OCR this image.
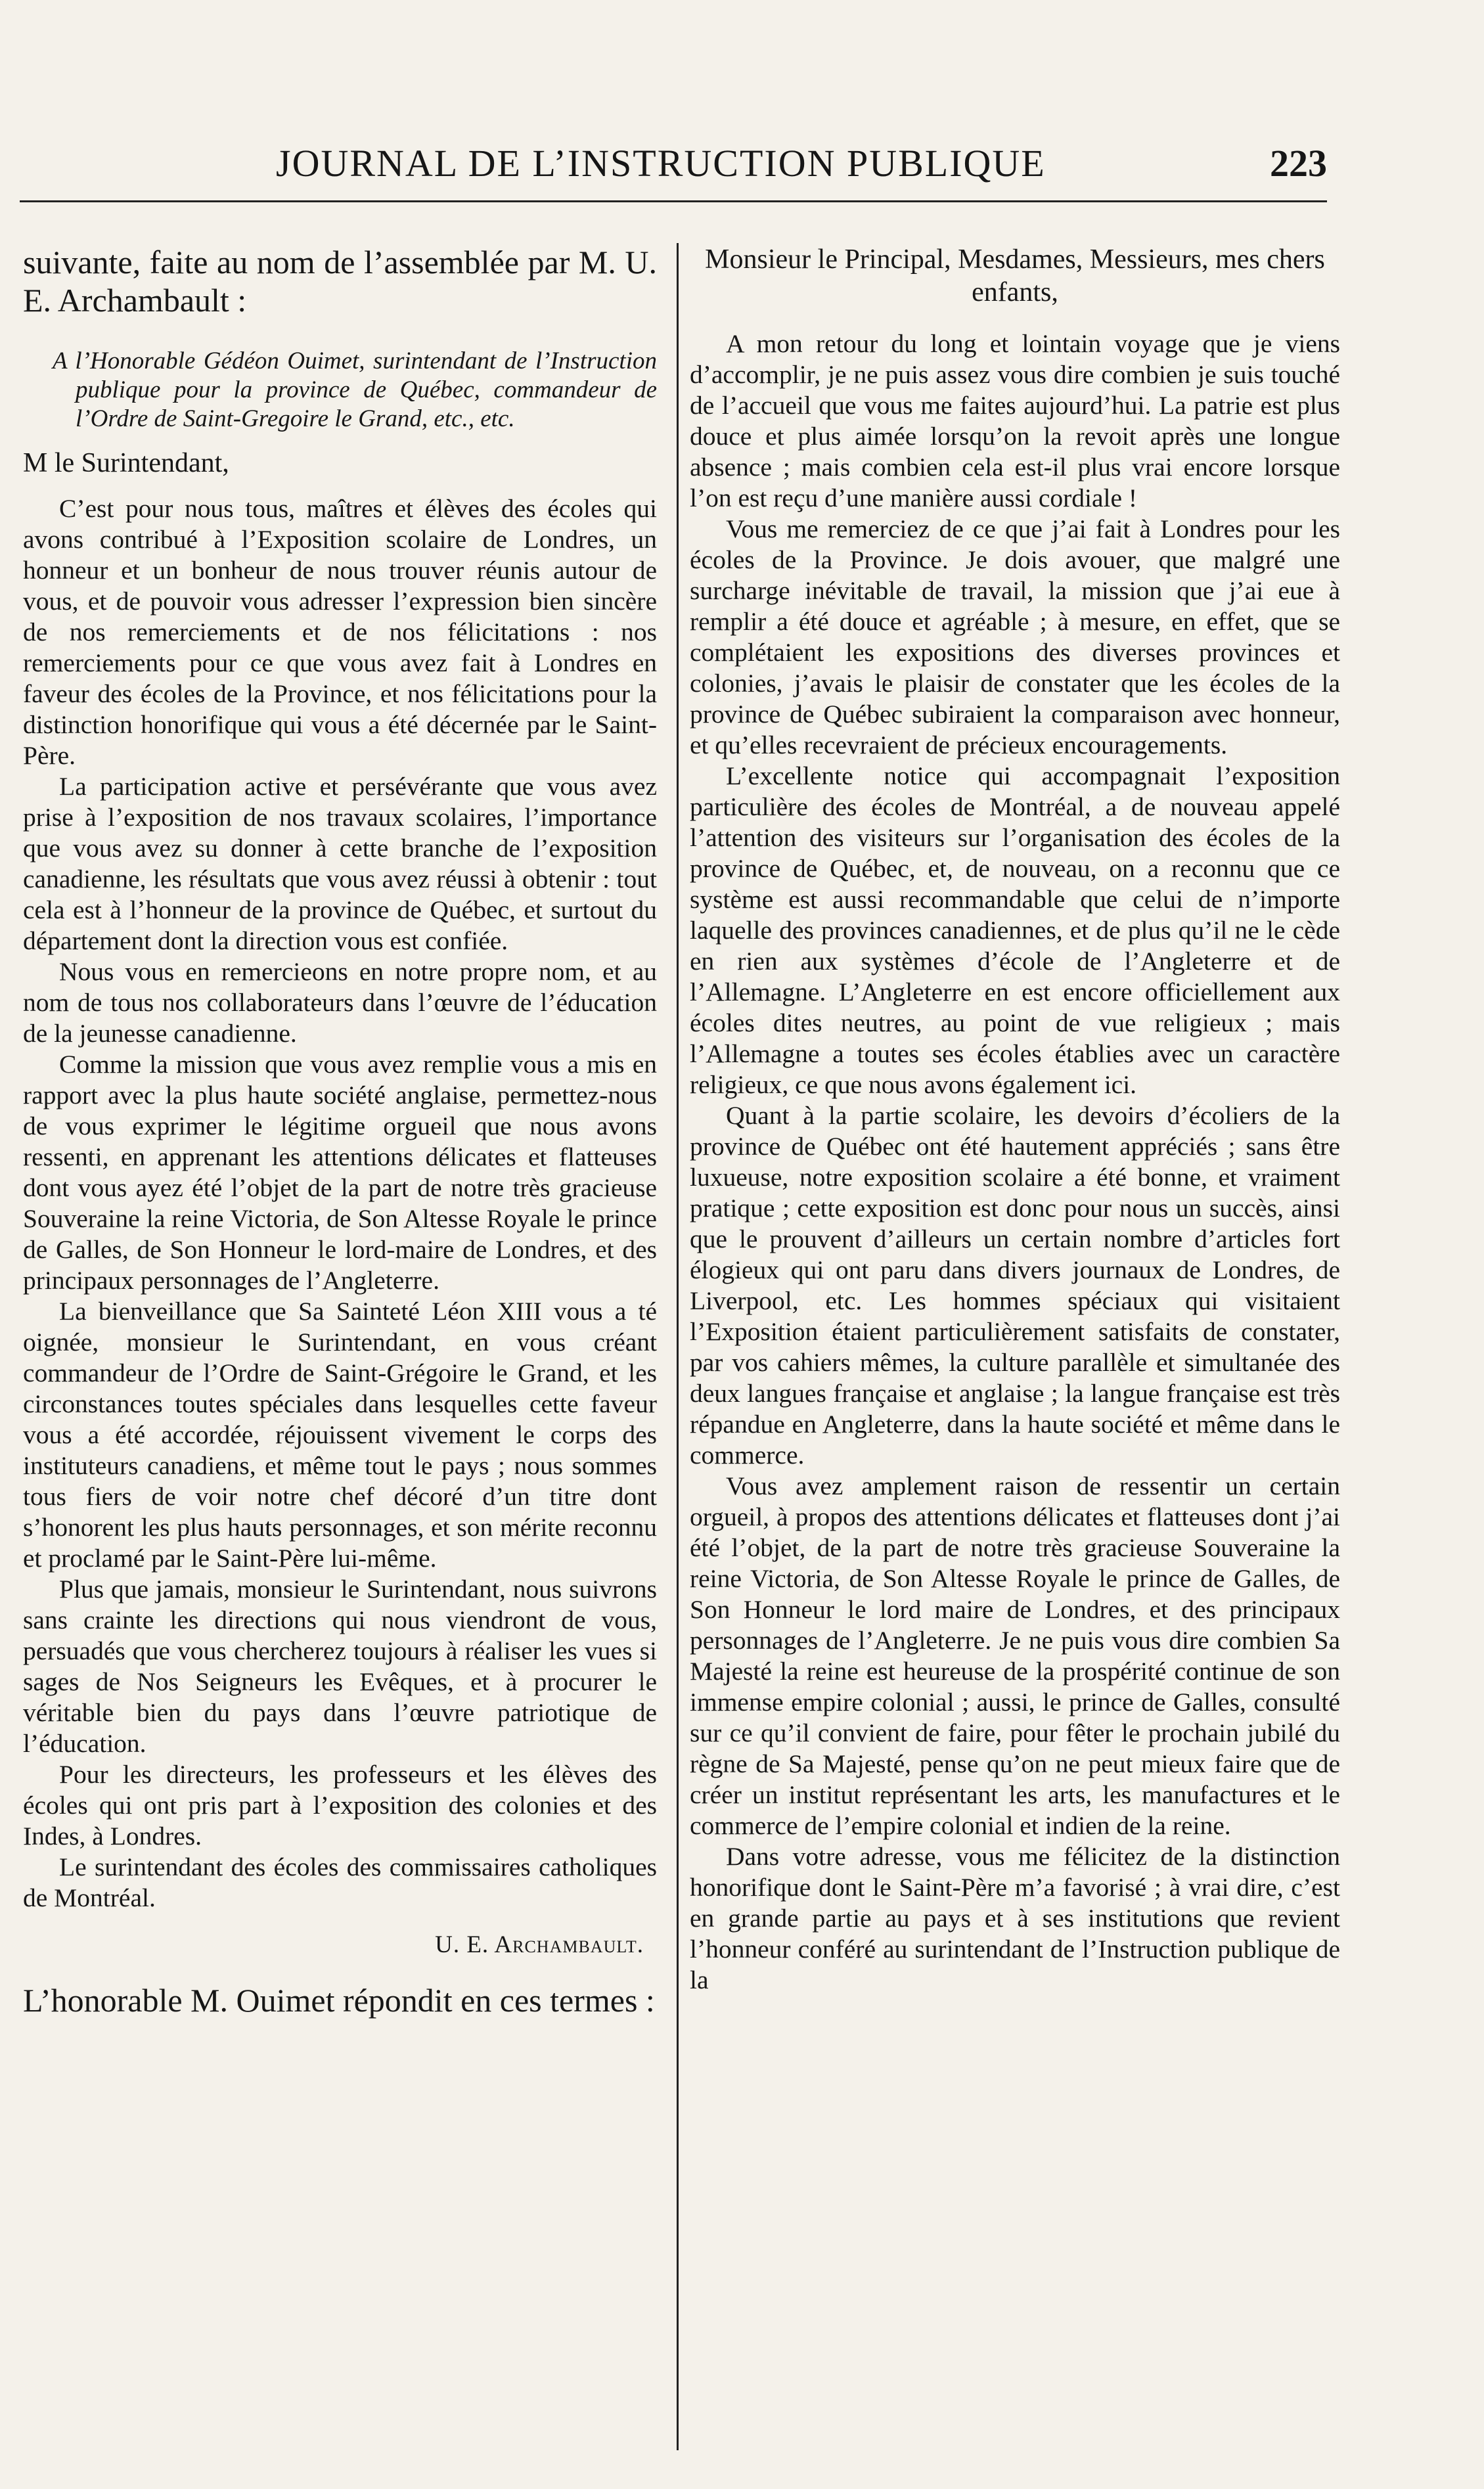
JOURNAL DE L’INSTRUCTION PUBLIQUE	223

suivante, faite au nom de l’assemblée par M. U. E. Archambault :

A l’Honorable Gédéon Ouimet, surintendant de l’Instruction publique pour la province de Québec, commandeur de l’Ordre de Saint-Gregoire le Grand, etc., etc.

M le Surintendant,

C’est pour nous tous, maîtres et élèves des écoles qui avons contribué à l’Exposition scolaire de Londres, un honneur et un bonheur de nous trouver réunis autour de vous, et de pouvoir vous adresser l’expression bien sincère de nos remerciements et de nos félicitations : nos remerciements pour ce que vous avez fait à Londres en faveur des écoles de la Province, et nos félicitations pour la distinction honorifique qui vous a été décernée par le Saint-Père.

La participation active et persévérante que vous avez prise à l’exposition de nos travaux scolaires, l’importance que vous avez su donner à cette branche de l’exposition canadienne, les résultats que vous avez réussi à obtenir : tout cela est à l’honneur de la province de Québec, et surtout du département dont la direction vous est confiée.

Nous vous en remercieons en notre propre nom, et au nom de tous nos collaborateurs dans l’œuvre de l’éducation de la jeunesse canadienne.

Comme la mission que vous avez remplie vous a mis en rapport avec la plus haute société anglaise, permettez-nous de vous exprimer le légitime orgueil que nous avons ressenti, en apprenant les attentions délicates et flatteuses dont vous ayez été l’objet de la part de notre très gracieuse Souveraine la reine Victoria, de Son Altesse Royale le prince de Galles, de Son Honneur le lord-maire de Londres, et des principaux personnages de l’Angleterre.

La bienveillance que Sa Sainteté Léon XIII vous a té oignée, monsieur le Surintendant, en vous créant commandeur de l’Ordre de Saint-Grégoire le Grand, et les circonstances toutes spéciales dans lesquelles cette faveur vous a été accordée, réjouissent vivement le corps des instituteurs canadiens, et même tout le pays ; nous sommes tous fiers de voir notre chef décoré d’un titre dont s’honorent les plus hauts personnages, et son mérite reconnu et proclamé par le Saint-Père lui-même.

Plus que jamais, monsieur le Surintendant, nous suivrons sans crainte les directions qui nous viendront de vous, persuadés que vous chercherez toujours à réaliser les vues si sages de Nos Seigneurs les Evêques, et à procurer le véritable bien du pays dans l’œuvre patriotique de l’éducation.

Pour les directeurs, les professeurs et les élèves des écoles qui ont pris part à l’exposition des colonies et des Indes, à Londres.

Le surintendant des écoles des commissaires catholiques de Montréal.

U. E. Archambault.

L’honorable M. Ouimet répondit en ces termes :

Monsieur le Principal, Mesdames, Messieurs, mes chers enfants,

A mon retour du long et lointain voyage que je viens d’accomplir, je ne puis assez vous dire combien je suis touché de l’accueil que vous me faites aujourd’hui. La patrie est plus douce et plus aimée lorsqu’on la revoit après une longue absence ; mais combien cela est-il plus vrai encore lorsque l’on est reçu d’une manière aussi cordiale !

Vous me remerciez de ce que j’ai fait à Londres pour les écoles de la Province. Je dois avouer, que malgré une surcharge inévitable de travail, la mission que j’ai eue à remplir a été douce et agréable ; à mesure, en effet, que se complétaient les expositions des diverses provinces et colonies, j’avais le plaisir de constater que les écoles de la province de Québec subiraient la comparaison avec honneur, et qu’elles recevraient de précieux encouragements.

L’excellente notice qui accompagnait l’exposition particulière des écoles de Montréal, a de nouveau appelé l’attention des visiteurs sur l’organisation des écoles de la province de Québec, et, de nouveau, on a reconnu que ce système est aussi recommandable que celui de n’importe laquelle des provinces canadiennes, et de plus qu’il ne le cède en rien aux systèmes d’école de l’Angleterre et de l’Allemagne. L’Angleterre en est encore officiellement aux écoles dites neutres, au point de vue religieux ; mais l’Allemagne a toutes ses écoles établies avec un caractère religieux, ce que nous avons également ici.

Quant à la partie scolaire, les devoirs d’écoliers de la province de Québec ont été hautement appréciés ; sans être luxueuse, notre exposition scolaire a été bonne, et vraiment pratique ; cette exposition est donc pour nous un succès, ainsi que le prouvent d’ailleurs un certain nombre d’articles fort élogieux qui ont paru dans divers journaux de Londres, de Liverpool, etc. Les hommes spéciaux qui visitaient l’Exposition étaient particulièrement satisfaits de constater, par vos cahiers mêmes, la culture parallèle et simultanée des deux langues française et anglaise ; la langue française est très répandue en Angleterre, dans la haute société et même dans le commerce.

Vous avez amplement raison de ressentir un certain orgueil, à propos des attentions délicates et flatteuses dont j’ai été l’objet, de la part de notre très gracieuse Souveraine la reine Victoria, de Son Altesse Royale le prince de Galles, de Son Honneur le lord maire de Londres, et des principaux personnages de l’Angleterre. Je ne puis vous dire combien Sa Majesté la reine est heureuse de la prospérité continue de son immense empire colonial ; aussi, le prince de Galles, consulté sur ce qu’il convient de faire, pour fêter le prochain jubilé du règne de Sa Majesté, pense qu’on ne peut mieux faire que de créer un institut représentant les arts, les manufactures et le commerce de l’empire colonial et indien de la reine.

Dans votre adresse, vous me félicitez de la distinction honorifique dont le Saint-Père m’a favorisé ; à vrai dire, c’est en grande partie au pays et à ses institutions que revient l’honneur conféré au surintendant de l’Instruction publique de la
